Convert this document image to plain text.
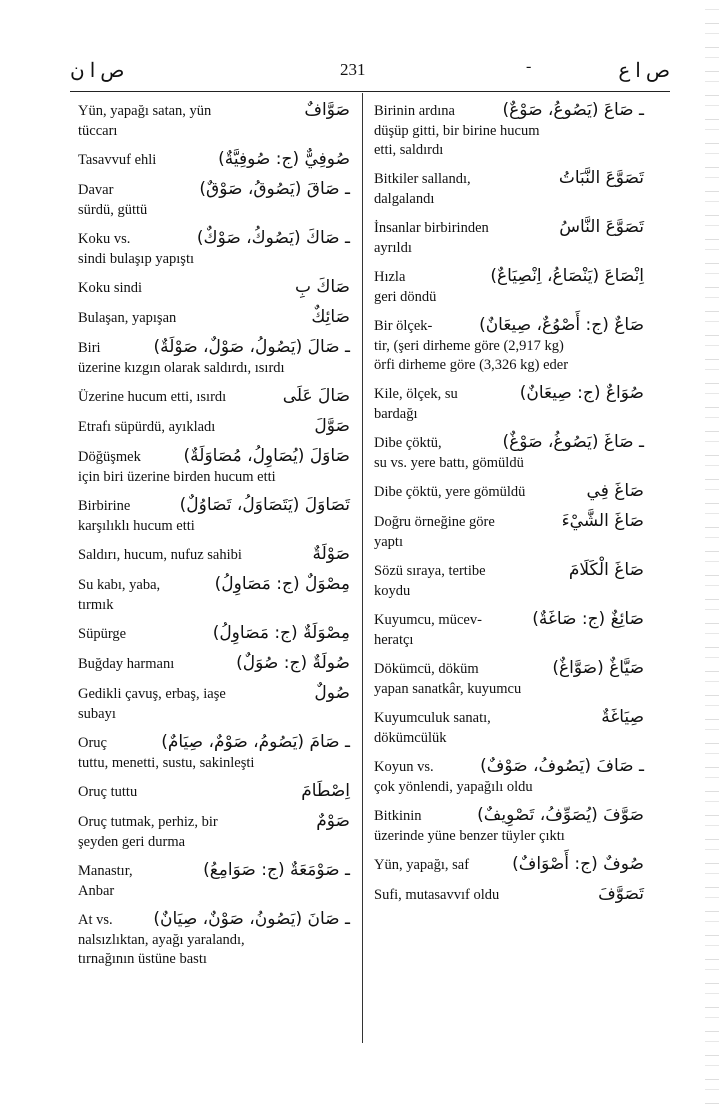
ص ا ن	231	-	ص ا ع
Yün, yapağı satan, yün	صَوَّافٌ
tüccarı
Tasavvuf ehli	صُوفِيٌّ (ج: صُوفِيَّةٌ)
Davar	ـ صَاقَ (يَصُوقُ، صَوْقٌ)
sürdü, güttü
Koku vs.	ـ صَاكَ (يَصُوكُ، صَوْكٌ)
sindi bulaşıp yapıştı
Koku sindi	صَاكَ بِ
Bulaşan, yapışan	صَائِكٌ
Biri	ـ صَالَ (يَصُولُ، صَوْلٌ، صَوْلَةٌ)
üzerine kızgın olarak saldırdı, ısırdı
Üzerine hucum etti, ısırdı	صَالَ عَلَى
Etrafı süpürdü, ayıkladı	صَوَّلَ
Döğüşmek	صَاوَلَ (يُصَاوِلُ، مُصَاوَلَةٌ)
için biri üzerine birden hucum etti
Birbirine	تَصَاوَلَ (يَتَصَاوَلُ، تَصَاوُلٌ)
karşılıklı hucum etti
Saldırı, hucum, nufuz sahibi	صَوْلَةٌ
Su kabı, yaba,	مِصْوَلٌ (ج: مَصَاوِلُ)
tırmık
Süpürge	مِصْوَلَةٌ (ج: مَصَاوِلُ)
Buğday harmanı	صُولَةٌ (ج: صُوَلٌ)
Gedikli çavuş, erbaş, iaşe	صُولٌ
subayı
Oruç	ـ صَامَ (يَصُومُ، صَوْمٌ، صِيَامٌ)
tuttu, menetti, sustu, sakinleşti
Oruç tuttu	اِصْطَامَ
Oruç tutmak, perhiz, bir	صَوْمٌ
şeyden geri durma
Manastır,	ـ صَوْمَعَةٌ (ج: صَوَامِعُ)
Anbar
At vs. ـ صَانَ (يَصُونُ، صَوْنٌ، صِيَانٌ)
nalsızlıktan, ayağı yaralandı,
tırnağının üstüne bastı
Birinin ardına	ـ صَاعَ (يَصُوعُ، صَوْعٌ)
düşüp gitti, bir birine hucum
etti, saldırdı
Bitkiler sallandı,	تَصَوَّعَ النَّبَاتُ
dalgalandı
İnsanlar birbirinden	تَصَوَّعَ النَّاسُ
ayrıldı
Hızla	اِنْصَاعَ (يَنْصَاعُ، اِنْصِيَاعٌ)
geri döndü
Bir ölçek-	صَاعٌ (ج: أَصْوُعٌ، صِيعَانٌ)
tir, (şeri dirheme göre (2,917 kg)
örfi dirheme göre (3,326 kg) eder
Kile, ölçek, su	صُوَاعٌ (ج: صِيعَانٌ)
bardağı
Dibe çöktü,	ـ صَاغَ (يَصُوغُ، صَوْغٌ)
su vs. yere battı, gömüldü
Dibe çöktü, yere gömüldü	صَاغَ فِي
Doğru örneğine göre	صَاغَ الشَّيْءَ
yaptı
Sözü sıraya, tertibe	صَاغَ الْكَلَامَ
koydu
Kuyumcu, mücev-	صَائِغٌ (ج: صَاغَةٌ)
heratçı
Dökümcü, döküm	صَيَّاغٌ (صَوَّاغٌ)
yapan sanatkâr, kuyumcu
Kuyumculuk sanatı,	صِيَاغَةٌ
dökümcülük
Koyun vs.	ـ صَافَ (يَصُوفُ، صَوْفٌ)
çok yönlendi, yapağılı oldu
Bitkinin	صَوَّفَ (يُصَوِّفُ، تَصْوِيفٌ)
üzerinde yüne benzer tüyler çıktı
Yün, yapağı, saf	صُوفٌ (ج: أَصْوَافٌ)
Sufi, mutasavvıf oldu	تَصَوَّفَ
